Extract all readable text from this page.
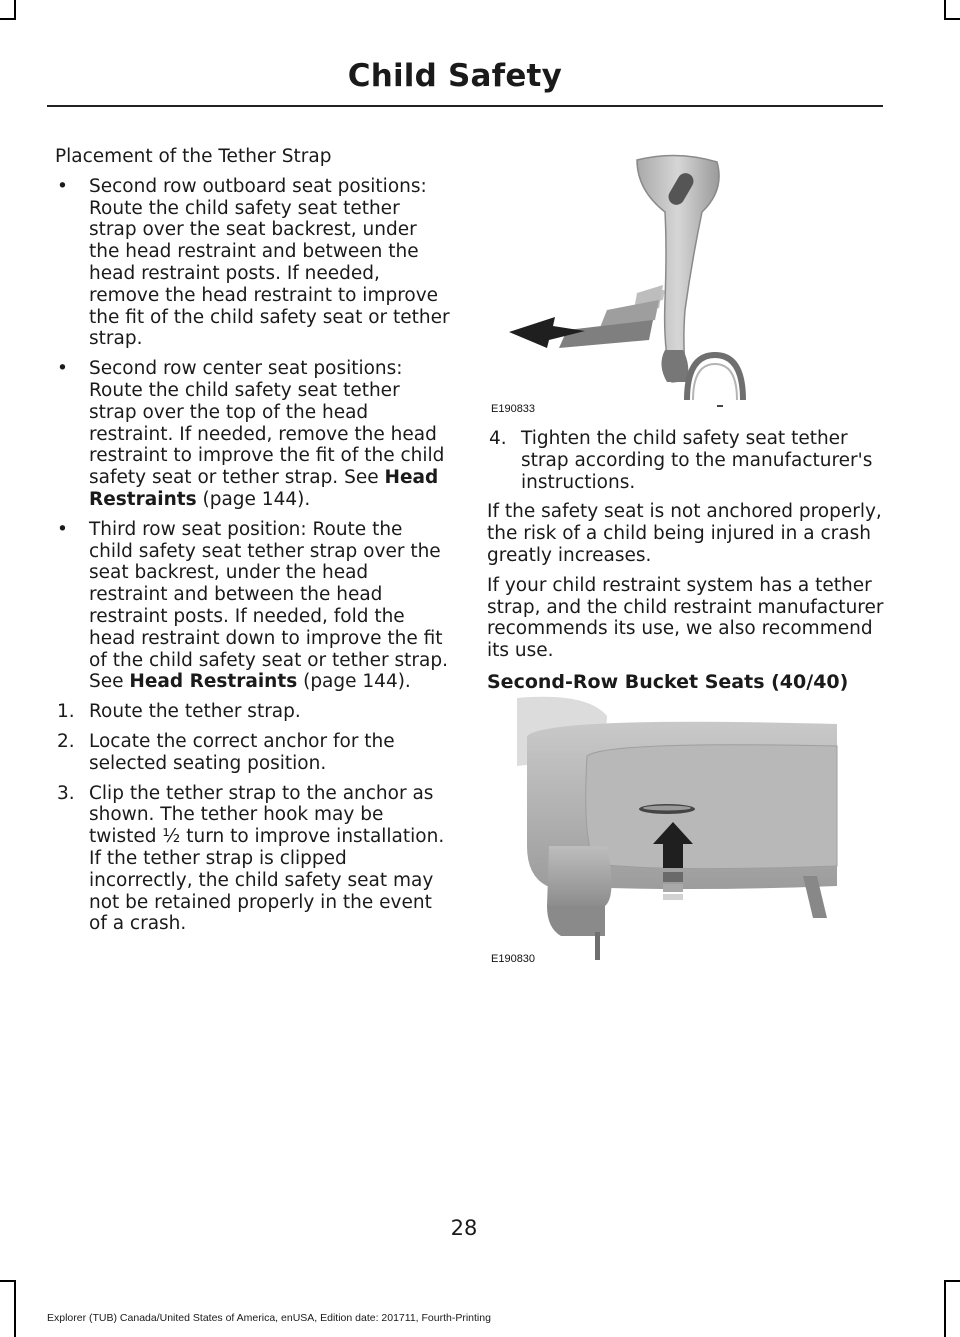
Child Safety

Placement of the Tether Strap

• Second row outboard seat positions: Route the child safety seat tether strap over the seat backrest, under the head restraint and between the head restraint posts. If needed, remove the head restraint to improve the fit of the child safety seat or tether strap.
• Second row center seat positions: Route the child safety seat tether strap over the top of the head restraint. If needed, remove the head restraint to improve the fit of the child safety seat or tether strap. See Head Restraints (page 144).
• Third row seat position: Route the child safety seat tether strap over the seat backrest, under the head restraint and between the head restraint posts. If needed, fold the head restraint down to improve the fit of the child safety seat or tether strap. See Head Restraints (page 144).
1. Route the tether strap.
2. Locate the correct anchor for the selected seating position.
3. Clip the tether strap to the anchor as shown. The tether hook may be twisted ½ turn to improve installation. If the tether strap is clipped incorrectly, the child safety seat may not be retained properly in the event of a crash.
E190833
4. Tighten the child safety seat tether strap according to the manufacturer's instructions.

If the safety seat is not anchored properly, the risk of a child being injured in a crash greatly increases.

If your child restraint system has a tether strap, and the child restraint manufacturer recommends its use, we also recommend its use.

Second-Row Bucket Seats (40/40)

E190830
28
Explorer (TUB) Canada/United States of America, enUSA, Edition date: 201711, Fourth-Printing
